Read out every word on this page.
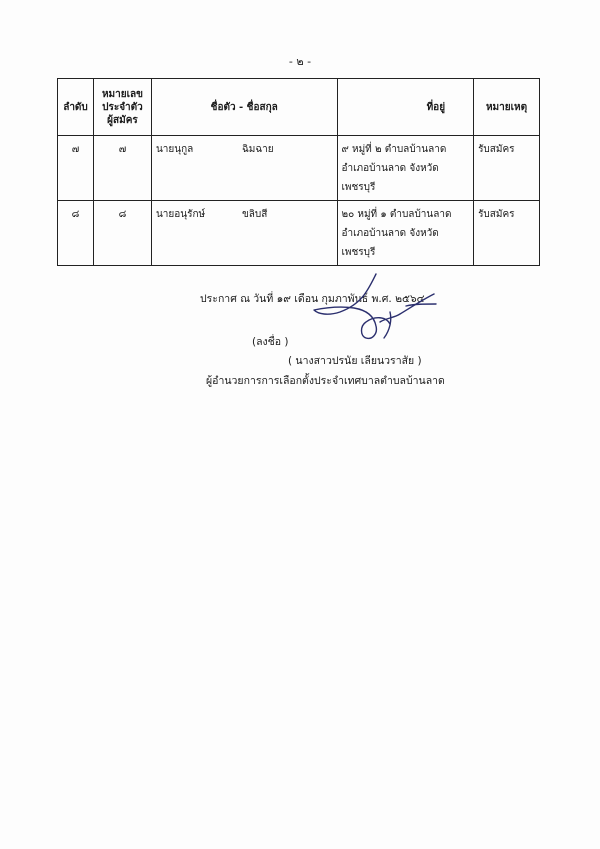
- ๒ -
ลำดับ	หมายเลข
ประจำตัว
ผู้สมัคร	ชื่อตัว - ชื่อสกุล	ที่อยู่	หมายเหตุ
๗	๗	นายนุกูล ฉิมฉาย	๙ หมู่ที่ ๒ ตำบลบ้านลาด
อำเภอบ้านลาด จังหวัด
เพชรบุรี	รับสมัคร
๘	๘	นายอนุรักษ์ ขลิบสี	๒๐ หมู่ที่ ๑ ตำบลบ้านลาด
อำเภอบ้านลาด จังหวัด
เพชรบุรี	รับสมัคร
ประกาศ ณ วันที่ ๑๙ เดือน กุมภาพันธ์ พ.ศ. ๒๕๖๔
(ลงชื่อ )
( นางสาวปรนัย เลียนวราสัย )
ผู้อำนวยการการเลือกตั้งประจำเทศบาลตำบลบ้านลาด
